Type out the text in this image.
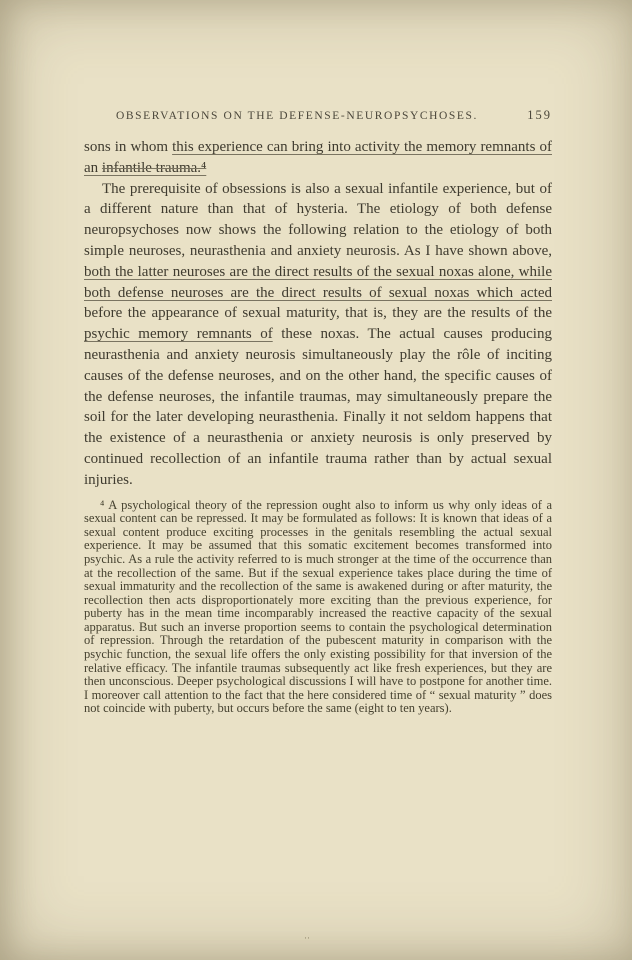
OBSERVATIONS ON THE DEFENSE-NEUROPSYCHOSES.	159

sons in whom this experience can bring into activity the memory remnants of an infantile trauma.⁴

The prerequisite of obsessions is also a sexual infantile experience, but of a different nature than that of hysteria. The etiology of both defense neuropsychoses now shows the following relation to the etiology of both simple neuroses, neurasthenia and anxiety neurosis. As I have shown above, both the latter neuroses are the direct results of the sexual noxas alone, while both defense neuroses are the direct results of sexual noxas which acted before the appearance of sexual maturity, that is, they are the results of the psychic memory remnants of these noxas. The actual causes producing neurasthenia and anxiety neurosis simultaneously play the rôle of inciting causes of the defense neuroses, and on the other hand, the specific causes of the defense neuroses, the infantile traumas, may simultaneously prepare the soil for the later developing neurasthenia. Finally it not seldom happens that the existence of a neurasthenia or anxiety neurosis is only preserved by continued recollection of an infantile trauma rather than by actual sexual injuries.

⁴ A psychological theory of the repression ought also to inform us why only ideas of a sexual content can be repressed. It may be formulated as follows: It is known that ideas of a sexual content produce exciting processes in the genitals resembling the actual sexual experience. It may be assumed that this somatic excitement becomes transformed into psychic. As a rule the activity referred to is much stronger at the time of the occurrence than at the recollection of the same. But if the sexual experience takes place during the time of sexual immaturity and the recollection of the same is awakened during or after maturity, the recollection then acts disproportionately more exciting than the previous experience, for puberty has in the mean time incomparably increased the reactive capacity of the sexual apparatus. But such an inverse proportion seems to contain the psychological determination of repression. Through the retardation of the pubescent maturity in comparison with the psychic function, the sexual life offers the only existing possibility for that inversion of the relative efficacy. The infantile traumas subsequently act like fresh experiences, but they are then unconscious. Deeper psychological discussions I will have to postpone for another time. I moreover call attention to the fact that the here considered time of “ sexual maturity ” does not coincide with puberty, but occurs before the same (eight to ten years).

··
